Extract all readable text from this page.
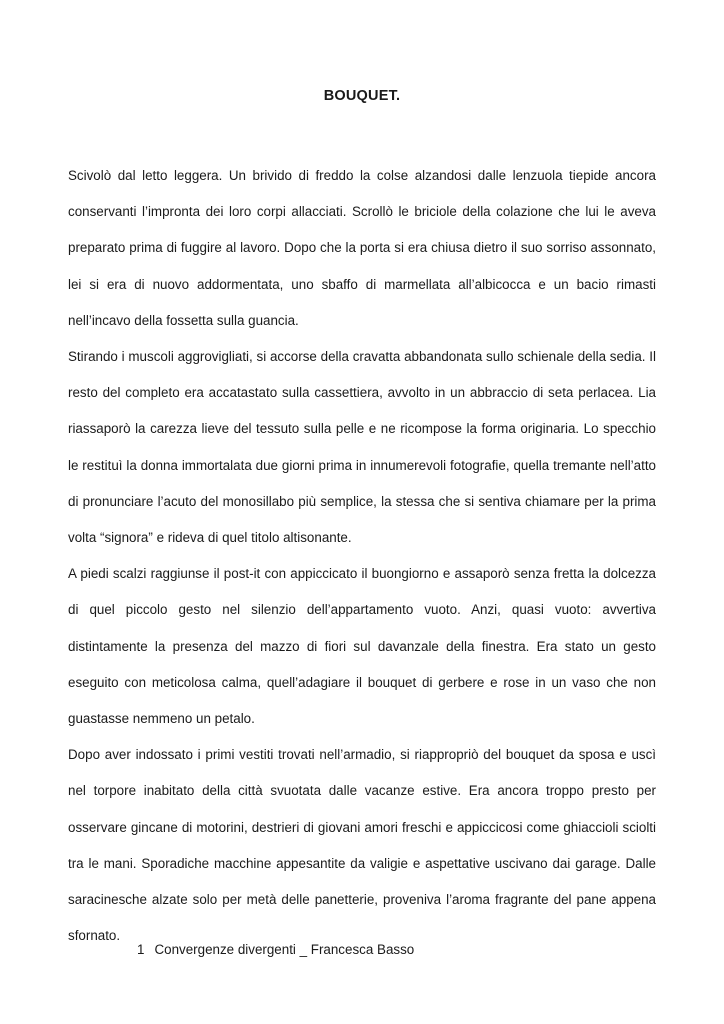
BOUQUET.

Scivolò dal letto leggera. Un brivido di freddo la colse alzandosi dalle lenzuola tiepide ancora conservanti l’impronta dei loro corpi allacciati. Scrollò le briciole della colazione che lui le aveva preparato prima di fuggire al lavoro. Dopo che la porta si era chiusa dietro il suo sorriso assonnato, lei si era di nuovo addormentata, uno sbaffo di marmellata all’albicocca e un bacio rimasti nell’incavo della fossetta sulla guancia.

Stirando i muscoli aggrovigliati, si accorse della cravatta abbandonata sullo schienale della sedia. Il resto del completo era accatastato sulla cassettiera, avvolto in un abbraccio di seta perlacea. Lia riassaporò la carezza lieve del tessuto sulla pelle e ne ricompose la forma originaria. Lo specchio le restituì la donna immortalata due giorni prima in innumerevoli fotografie, quella tremante nell’atto di pronunciare l’acuto del monosillabo più semplice, la stessa che si sentiva chiamare per la prima volta “signora” e rideva di quel titolo altisonante.

A piedi scalzi raggiunse il post-it con appiccicato il buongiorno e assaporò senza fretta la dolcezza di quel piccolo gesto nel silenzio dell’appartamento vuoto. Anzi, quasi vuoto: avvertiva distintamente la presenza del mazzo di fiori sul davanzale della finestra. Era stato un gesto eseguito con meticolosa calma, quell’adagiare il bouquet di gerbere e rose in un vaso che non guastasse nemmeno un petalo.

Dopo aver indossato i primi vestiti trovati nell’armadio, si riappropriò del bouquet da sposa e uscì nel torpore inabitato della città svuotata dalle vacanze estive. Era ancora troppo presto per osservare gincane di motorini, destrieri di giovani amori freschi e appiccicosi come ghiaccioli sciolti tra le mani. Sporadiche macchine appesantite da valigie e aspettative uscivano dai garage. Dalle saracinesche alzate solo per metà delle panetterie, proveniva l’aroma fragrante del pane appena sfornato.

1 Convergenze divergenti _ Francesca Basso
